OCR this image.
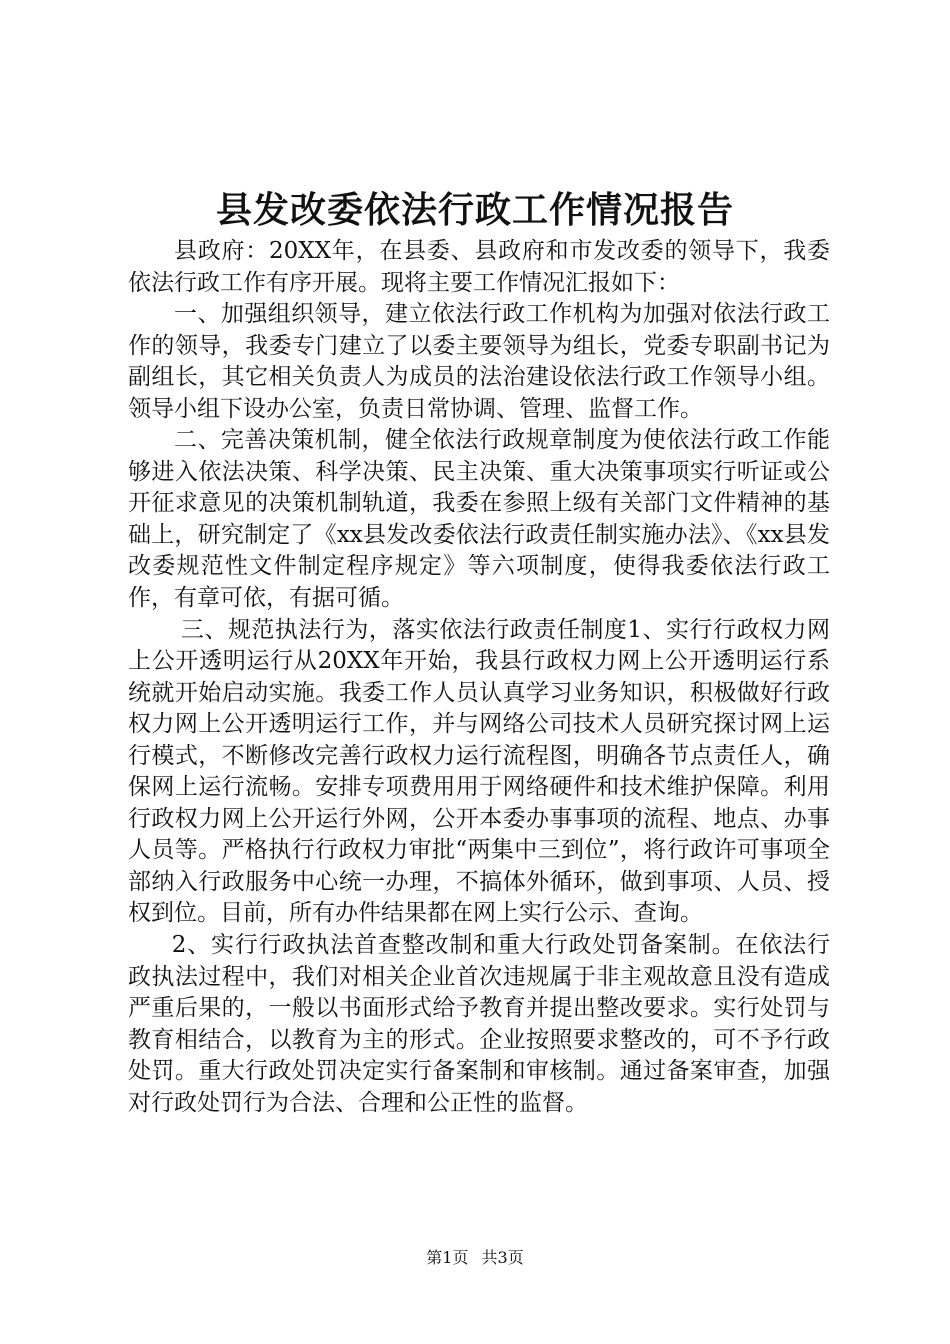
县发改委依法行政工作情况报告

县政府：20XX年，在县委、县政府和市发改委的领导下，我委依法行政工作有序开展。现将主要工作情况汇报如下：

一、加强组织领导，建立依法行政工作机构为加强对依法行政工作的领导，我委专门建立了以委主要领导为组长，党委专职副书记为副组长，其它相关负责人为成员的法治建设依法行政工作领导小组。领导小组下设办公室，负责日常协调、管理、监督工作。

二、完善决策机制，健全依法行政规章制度为使依法行政工作能够进入依法决策、科学决策、民主决策、重大决策事项实行听证或公开征求意见的决策机制轨道，我委在参照上级有关部门文件精神的基础上，研究制定了《xx县发改委依法行政责任制实施办法》、《xx县发改委规范性文件制定程序规定》等六项制度，使得我委依法行政工作，有章可依，有据可循。

三、规范执法行为，落实依法行政责任制度1、实行行政权力网上公开透明运行从20XX年开始，我县行政权力网上公开透明运行系统就开始启动实施。我委工作人员认真学习业务知识，积极做好行政权力网上公开透明运行工作，并与网络公司技术人员研究探讨网上运行模式，不断修改完善行政权力运行流程图，明确各节点责任人，确保网上运行流畅。安排专项费用用于网络硬件和技术维护保障。利用行政权力网上公开运行外网，公开本委办事事项的流程、地点、办事人员等。严格执行行政权力审批“两集中三到位”，将行政许可事项全部纳入行政服务中心统一办理，不搞体外循环，做到事项、人员、授权到位。目前，所有办件结果都在网上实行公示、查询。

2、实行行政执法首查整改制和重大行政处罚备案制。在依法行政执法过程中，我们对相关企业首次违规属于非主观故意且没有造成严重后果的，一般以书面形式给予教育并提出整改要求。实行处罚与教育相结合，以教育为主的形式。企业按照要求整改的，可不予行政处罚。重大行政处罚决定实行备案制和审核制。通过备案审查，加强对行政处罚行为合法、合理和公正性的监督。

第1页 共3页
